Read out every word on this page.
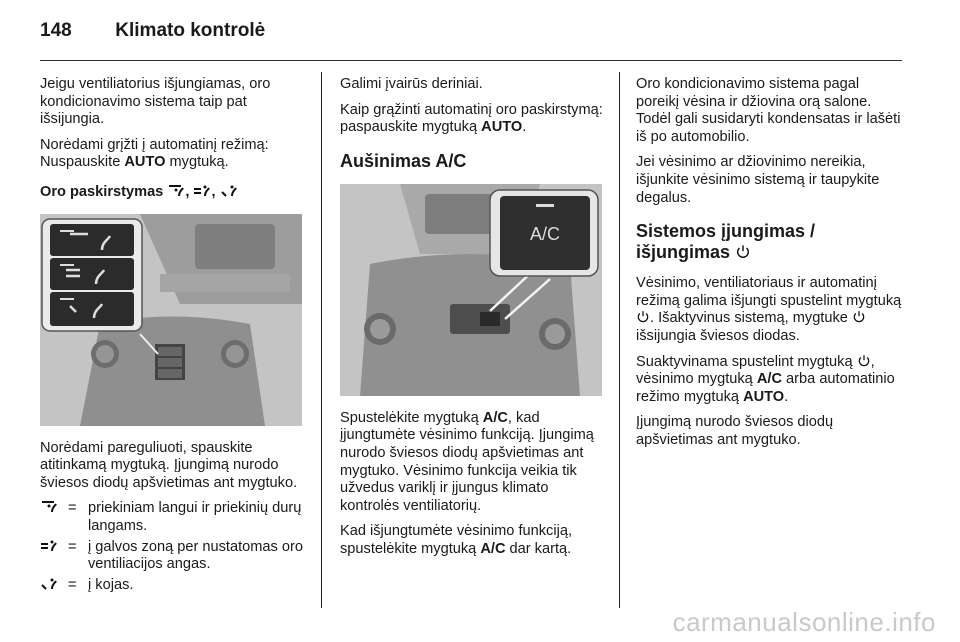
148 Klimato kontrolė

Jeigu ventiliatorius išjungiamas, oro kondicionavimo sistema taip pat išsijungia.

Norėdami grįžti į automatinį režimą: Nuspauskite AUTO mygtuką.

Oro paskirstymas , ,

Norėdami pareguliuoti, spauskite atitinkamą mygtuką. Įjungimą nurodo šviesos diodų apšvietimas ant mygtuko.

= priekiniam langui ir priekinių durų langams.
= į galvos zoną per nustatomas oro ventiliacijos angas.
= į kojas.

Galimi įvairūs deriniai.

Kaip grąžinti automatinį oro paskirstymą: paspauskite mygtuką AUTO.

Aušinimas A/C
A/C

Spustelėkite mygtuką A/C, kad įjungtumėte vėsinimo funkciją. Įjungimą nurodo šviesos diodų apšvietimas ant mygtuko. Vėsinimo funkcija veikia tik užvedus variklį ir įjungus klimato kontrolės ventiliatorių.

Kad išjungtumėte vėsinimo funkciją, spustelėkite mygtuką A/C dar kartą.

Oro kondicionavimo sistema pagal poreikį vėsina ir džiovina orą salone. Todėl gali susidaryti kondensatas ir lašėti iš po automobilio.

Jei vėsinimo ar džiovinimo nereikia, išjunkite vėsinimo sistemą ir taupykite degalus.

Sistemos įjungimas / išjungimas

Vėsinimo, ventiliatoriaus ir automatinį režimą galima išjungti spustelint mygtuką . Išaktyvinus sistemą, mygtuke  išsijungia šviesos diodas.

Suaktyvinama spustelint mygtuką , vėsinimo mygtuką A/C arba automatinio režimo mygtuką AUTO.

Įjungimą nurodo šviesos diodų apšvietimas ant mygtuko.

carmanualsonline.info
